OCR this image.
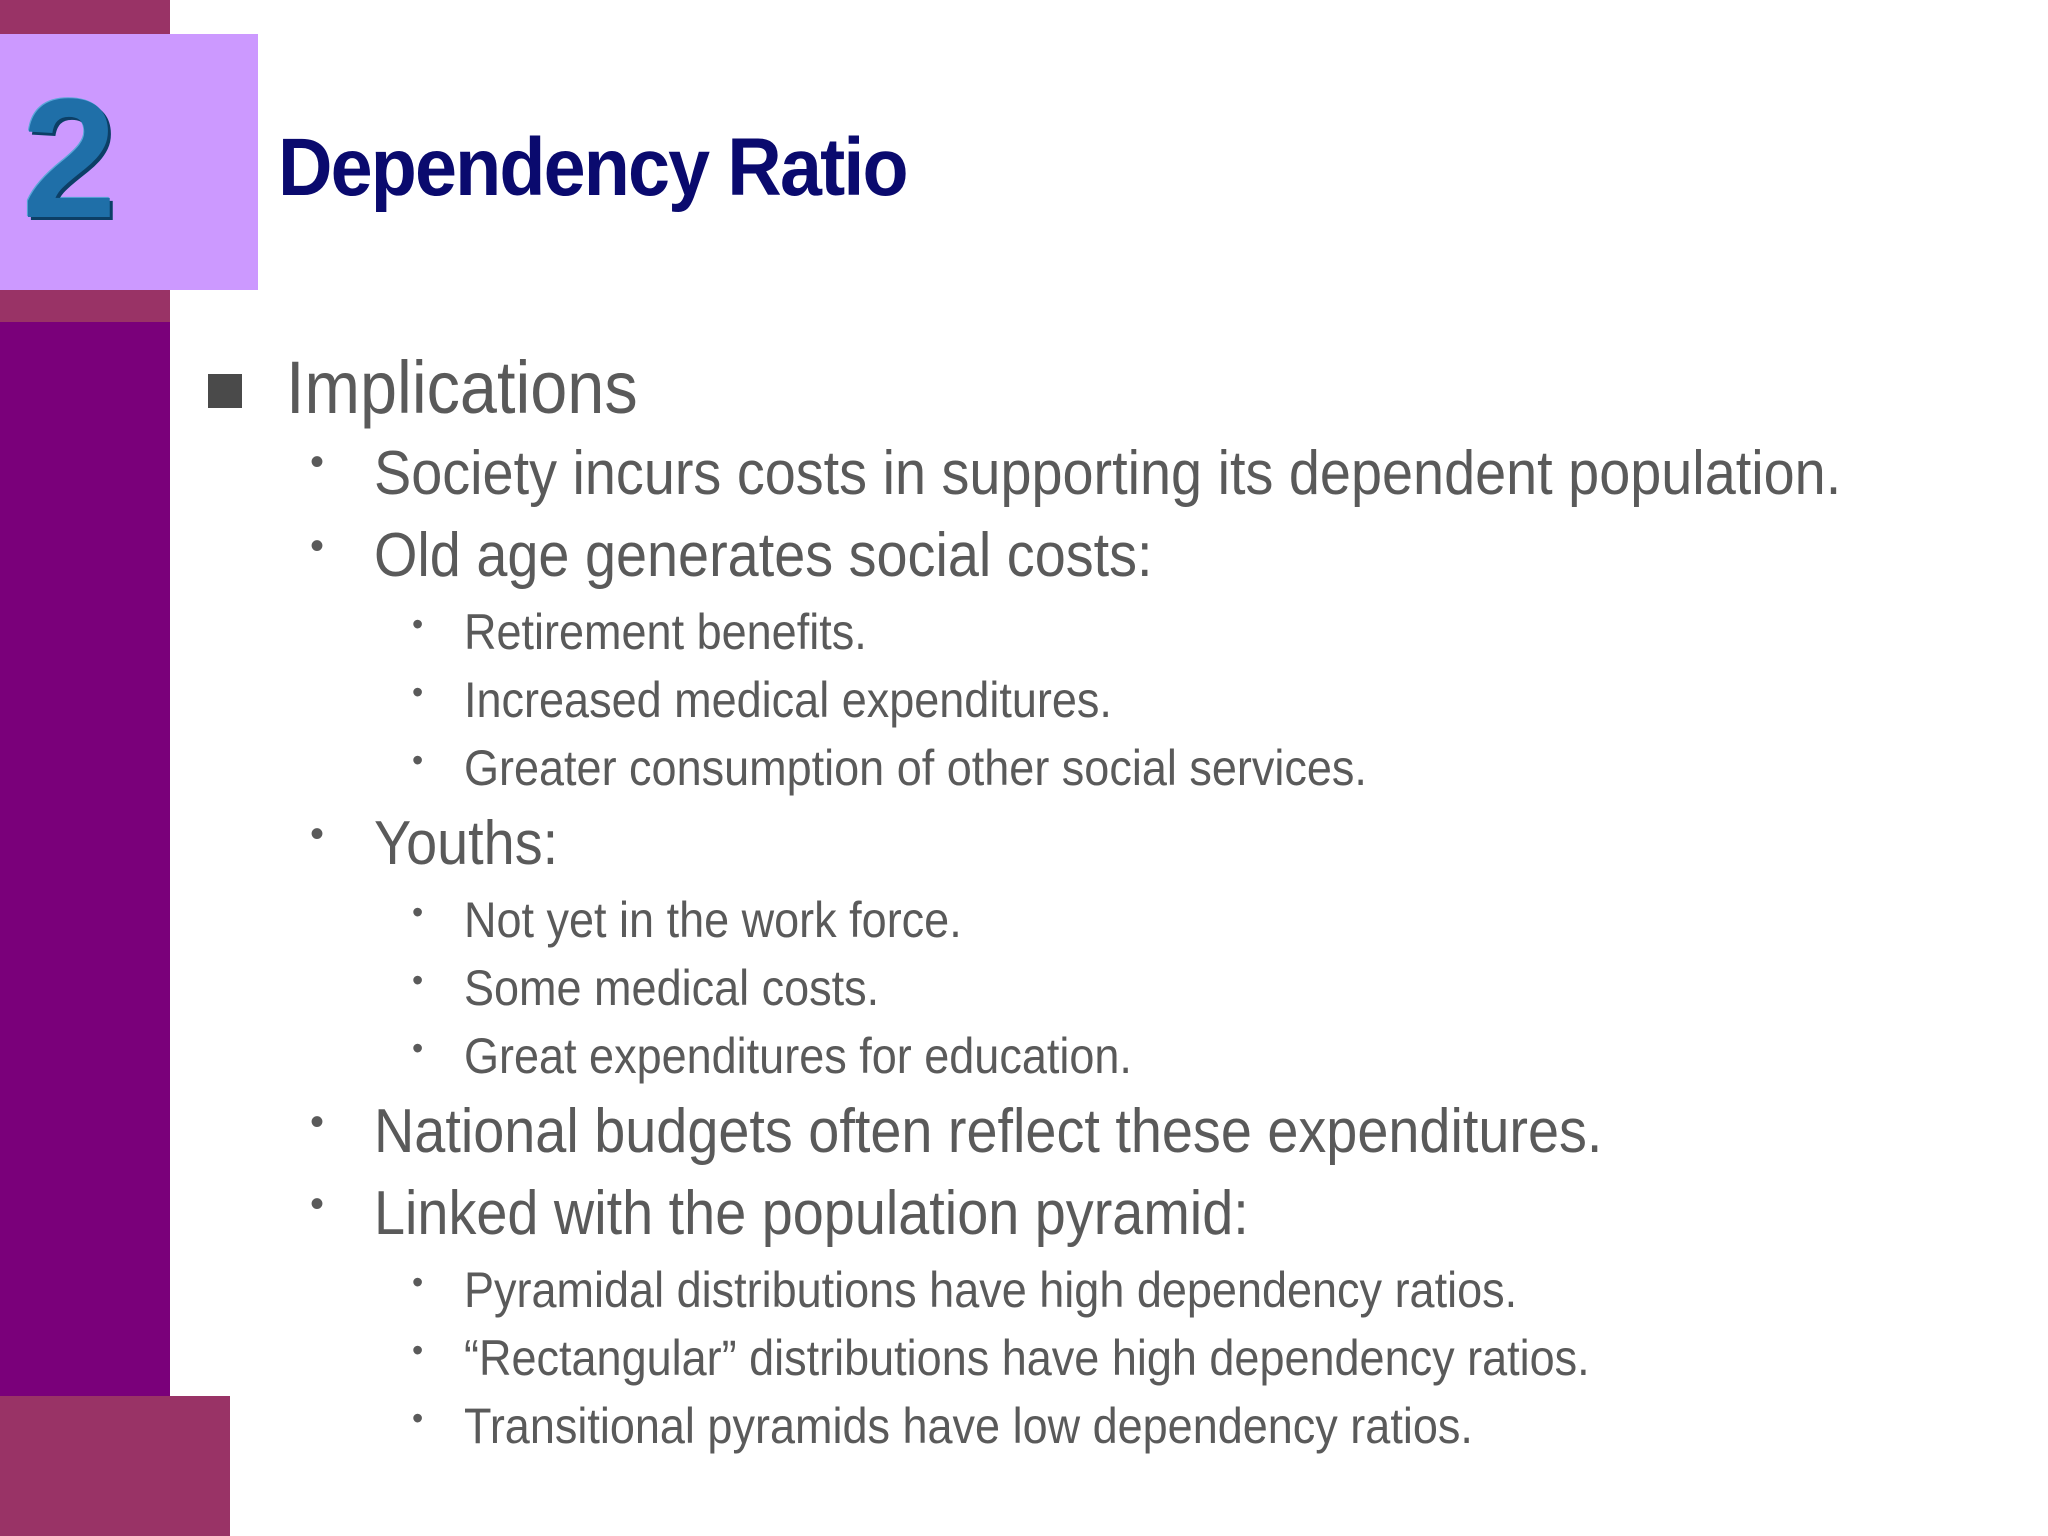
2 Dependency Ratio
Implications
• Society incurs costs in supporting its dependent population.
• Old age generates social costs:
• Retirement benefits.
• Increased medical expenditures.
• Greater consumption of other social services.
• Youths:
• Not yet in the work force.
• Some medical costs.
• Great expenditures for education.
• National budgets often reflect these expenditures.
• Linked with the population pyramid:
• Pyramidal distributions have high dependency ratios.
• “Rectangular” distributions have high dependency ratios.
• Transitional pyramids have low dependency ratios.
